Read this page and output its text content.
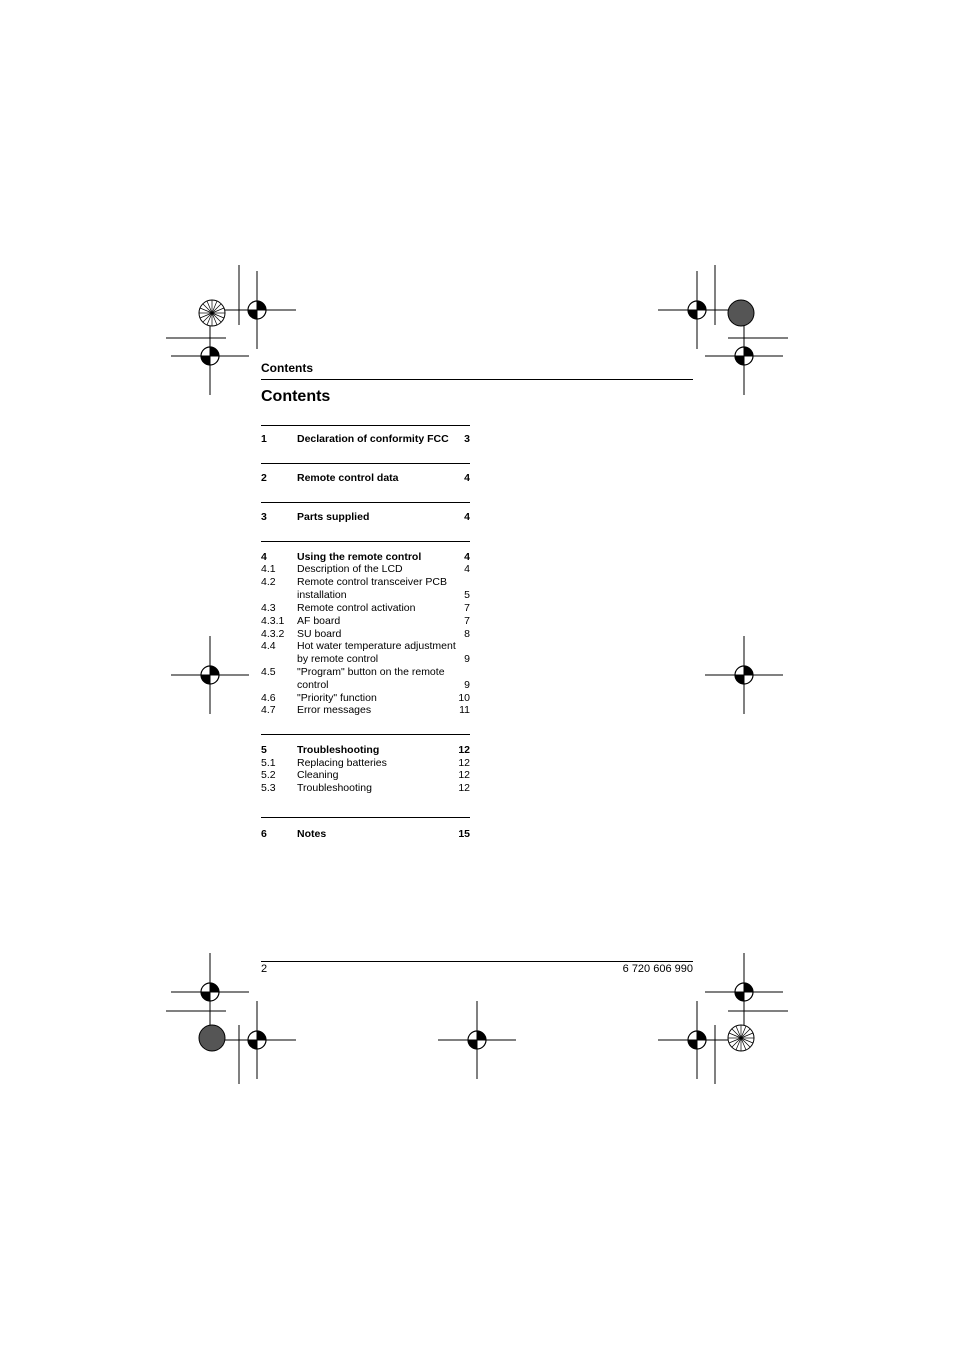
Contents
Contents
1	Declaration of conformity FCC 3
2	Remote control data	4
3	Parts supplied	4
4	Using the remote control	4
4.1 Description of the LCD	4
4.2 Remote control transceiver PCB
installation	5
4.3 Remote control activation	7
4.3.1 AF board	7
4.3.2 SU board	8
4.4 Hot water temperature adjustment
by remote control	9
4.5 "Program" button on the remote
control	9
4.6 "Priority" function	10
4.7 Error messages	11
5	Troubleshooting	12
5.1 Replacing batteries	12
5.2 Cleaning	12
5.3 Troubleshooting	12
6	Notes	15
2	6 720 606 990
